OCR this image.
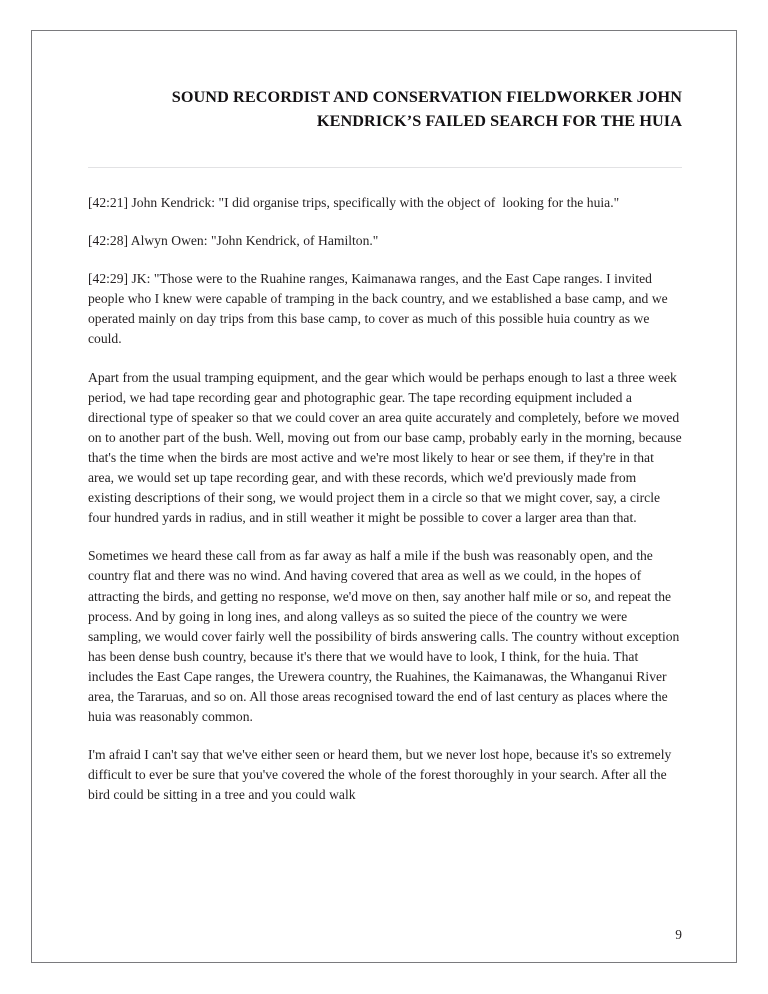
SOUND RECORDIST AND CONSERVATION FIELDWORKER JOHN KENDRICK’S FAILED SEARCH FOR THE HUIA

[42:21] John Kendrick: "I did organise trips, specifically with the object of  looking for the huia."

[42:28] Alwyn Owen: "John Kendrick, of Hamilton."

[42:29] JK: "Those were to the Ruahine ranges, Kaimanawa ranges, and the East Cape ranges. I invited people who I knew were capable of tramping in the back country, and we established a base camp, and we operated mainly on day trips from this base camp, to cover as much of this possible huia country as we could.

Apart from the usual tramping equipment, and the gear which would be perhaps enough to last a three week period, we had tape recording gear and photographic gear. The tape recording equipment included a directional type of speaker so that we could cover an area quite accurately and completely, before we moved on to another part of the bush. Well, moving out from our base camp, probably early in the morning, because that's the time when the birds are most active and we're most likely to hear or see them, if they're in that area, we would set up tape recording gear, and with these records, which we'd previously made from existing descriptions of their song, we would project them in a circle so that we might cover, say, a circle four hundred yards in radius, and in still weather it might be possible to cover a larger area than that.

Sometimes we heard these call from as far away as half a mile if the bush was reasonably open, and the country flat and there was no wind. And having covered that area as well as we could, in the hopes of attracting the birds, and getting no response, we'd move on then, say another half mile or so, and repeat the process. And by going in long ines, and along valleys as so suited the piece of the country we were sampling, we would cover fairly well the possibility of birds answering calls. The country without exception has been dense bush country, because it's there that we would have to look, I think, for the huia. That includes the East Cape ranges, the Urewera country, the Ruahines, the Kaimanawas, the Whanganui River area, the Tararuas, and so on. All those areas recognised toward the end of last century as places where the huia was reasonably common.

I'm afraid I can't say that we've either seen or heard them, but we never lost hope, because it's so extremely difficult to ever be sure that you've covered the whole of the forest thoroughly in your search. After all the bird could be sitting in a tree and you could walk

9
